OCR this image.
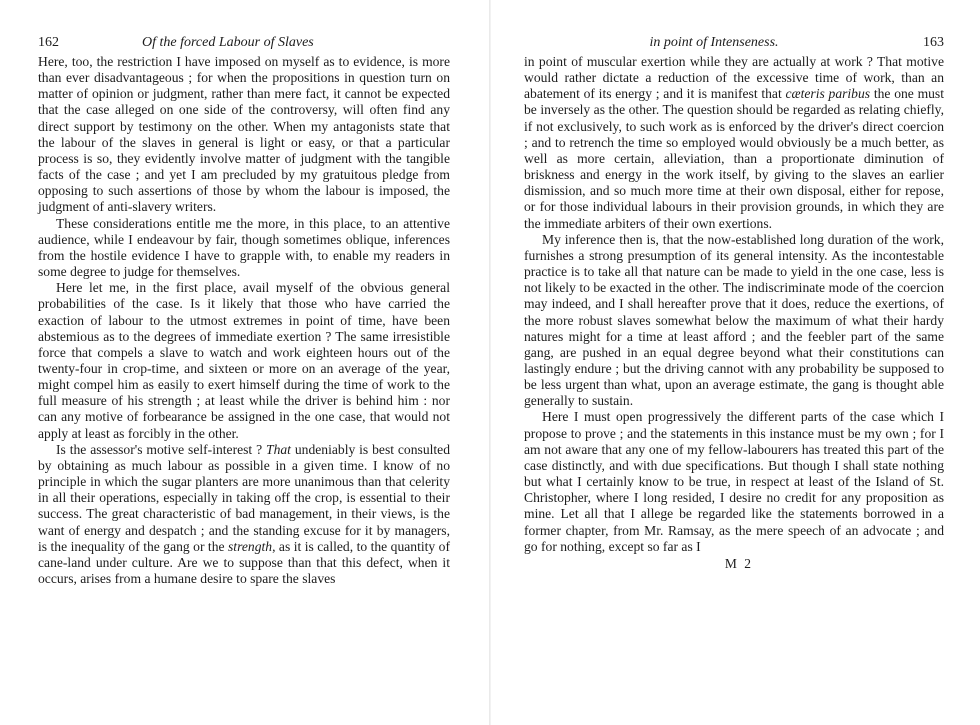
162	Of the forced Labour of Slaves

Here, too, the restriction I have imposed on myself as to evidence, is more than ever disadvantageous ; for when the propositions in question turn on matter of opinion or judgment, rather than mere fact, it cannot be expected that the case alleged on one side of the controversy, will often find any direct support by testimony on the other. When my antagonists state that the labour of the slaves in general is light or easy, or that a particular process is so, they evidently involve matter of judgment with the tangible facts of the case ; and yet I am precluded by my gratuitous pledge from opposing to such assertions of those by whom the labour is imposed, the judgment of anti-slavery writers.

These considerations entitle me the more, in this place, to an attentive audience, while I endeavour by fair, though sometimes oblique, inferences from the hostile evidence I have to grapple with, to enable my readers in some degree to judge for themselves.

Here let me, in the first place, avail myself of the obvious general probabilities of the case. Is it likely that those who have carried the exaction of labour to the utmost extremes in point of time, have been abstemious as to the degrees of immediate exertion ? The same irresistible force that compels a slave to watch and work eighteen hours out of the twenty-four in crop-time, and sixteen or more on an average of the year, might compel him as easily to exert himself during the time of work to the full measure of his strength ; at least while the driver is behind him : nor can any motive of forbearance be assigned in the one case, that would not apply at least as forcibly in the other.

Is the assessor's motive self-interest ? That undeniably is best consulted by obtaining as much labour as possible in a given time. I know of no principle in which the sugar planters are more unanimous than that celerity in all their operations, especially in taking off the crop, is essential to their success. The great characteristic of bad management, in their views, is the want of energy and despatch ; and the standing excuse for it by managers, is the inequality of the gang or the strength, as it is called, to the quantity of cane-land under culture. Are we to suppose than that this defect, when it occurs, arises from a humane desire to spare the slaves

in point of Intenseness.	163

in point of muscular exertion while they are actually at work ? That motive would rather dictate a reduction of the excessive time of work, than an abatement of its energy ; and it is manifest that cæteris paribus the one must be inversely as the other. The question should be regarded as relating chiefly, if not exclusively, to such work as is enforced by the driver's direct coercion ; and to retrench the time so employed would obviously be a much better, as well as more certain, alleviation, than a proportionate diminution of briskness and energy in the work itself, by giving to the slaves an earlier dismission, and so much more time at their own disposal, either for repose, or for those individual labours in their provision grounds, in which they are the immediate arbiters of their own exertions.

My inference then is, that the now-established long duration of the work, furnishes a strong presumption of its general intensity. As the incontestable practice is to take all that nature can be made to yield in the one case, less is not likely to be exacted in the other. The indiscriminate mode of the coercion may indeed, and I shall hereafter prove that it does, reduce the exertions, of the more robust slaves somewhat below the maximum of what their hardy natures might for a time at least afford ; and the feebler part of the same gang, are pushed in an equal degree beyond what their constitutions can lastingly endure ; but the driving cannot with any probability be supposed to be less urgent than what, upon an average estimate, the gang is thought able generally to sustain.

Here I must open progressively the different parts of the case which I propose to prove ; and the statements in this instance must be my own ; for I am not aware that any one of my fellow-labourers has treated this part of the case distinctly, and with due specifications. But though I shall state nothing but what I certainly know to be true, in respect at least of the Island of St. Christopher, where I long resided, I desire no credit for any proposition as mine. Let all that I allege be regarded like the statements borrowed in a former chapter, from Mr. Ramsay, as the mere speech of an advocate ; and go for nothing, except so far as I

M 2
